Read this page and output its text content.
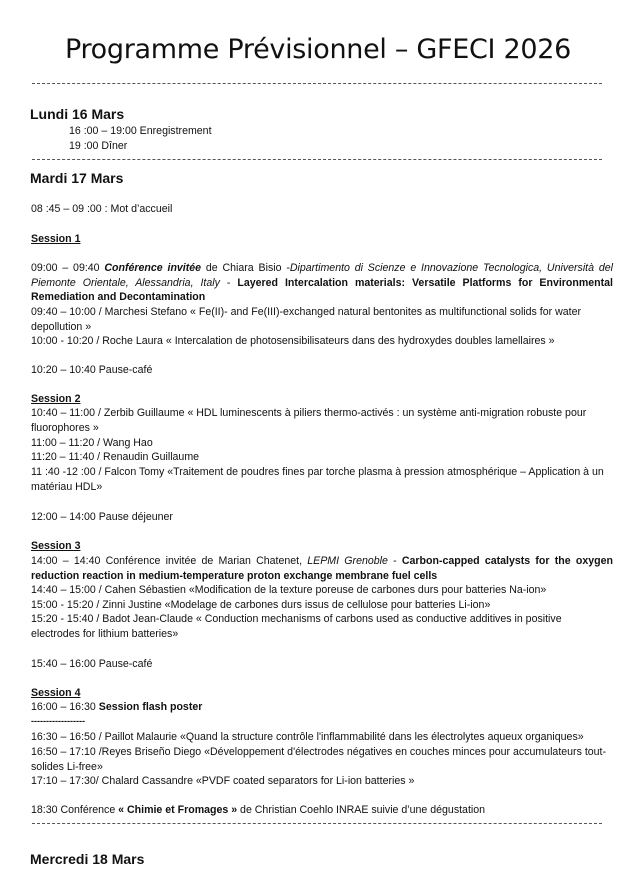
Programme Prévisionnel – GFECI 2026
Lundi 16 Mars
16 :00 – 19:00 Enregistrement
19 :00 Dîner
Mardi 17 Mars
08 :45 – 09 :00 : Mot d’accueil
Session 1
09:00 – 09:40 Conférence invitée de Chiara Bisio -Dipartimento di Scienze e Innovazione Tecnologica, Università del Piemonte Orientale, Alessandria, Italy - Layered Intercalation materials: Versatile Platforms for Environmental Remediation and Decontamination
09:40 – 10:00 / Marchesi Stefano « Fe(II)- and Fe(III)-exchanged natural bentonites as multifunctional solids for water depollution »
10:00 - 10:20 / Roche Laura « Intercalation de photosensibilisateurs dans des hydroxydes doubles lamellaires »
10:20 – 10:40 Pause-café
Session 2
10:40 – 11:00 / Zerbib Guillaume « HDL luminescents à piliers thermo-activés : un système anti-migration robuste pour fluorophores »
11:00 – 11:20 / Wang Hao
11:20 – 11:40 / Renaudin Guillaume
11 :40 -12 :00 / Falcon Tomy «Traitement de poudres fines par torche plasma à pression atmosphérique – Application à un matériau HDL»
12:00 – 14:00 Pause déjeuner
Session 3
14:00 – 14:40 Conférence invitée de Marian Chatenet, LEPMI Grenoble - Carbon-capped catalysts for the oxygen reduction reaction in medium-temperature proton exchange membrane fuel cells
14:40 – 15:00 / Cahen Sébastien «Modification de la texture poreuse de carbones durs pour batteries Na-ion»
15:00 - 15:20 / Zinni Justine «Modelage de carbones durs issus de cellulose pour batteries Li-ion»
15:20 - 15:40 / Badot Jean-Claude « Conduction mechanisms of carbons used as conductive additives in positive electrodes for lithium batteries»
15:40 – 16:00 Pause-café
Session 4
16:00 – 16:30 Session flash poster
------------------
16:30 – 16:50 / Paillot Malaurie «Quand la structure contrôle l'inflammabilité dans les électrolytes aqueux organiques»
16:50 – 17:10 /Reyes Briseño Diego «Développement d'électrodes négatives en couches minces pour accumulateurs tout-solides Li-free»
17:10 – 17:30/ Chalard Cassandre «PVDF coated separators for Li-ion batteries »
18:30 Conférence « Chimie et Fromages » de Christian Coehlo INRAE suivie d’une dégustation
Mercredi 18 Mars
